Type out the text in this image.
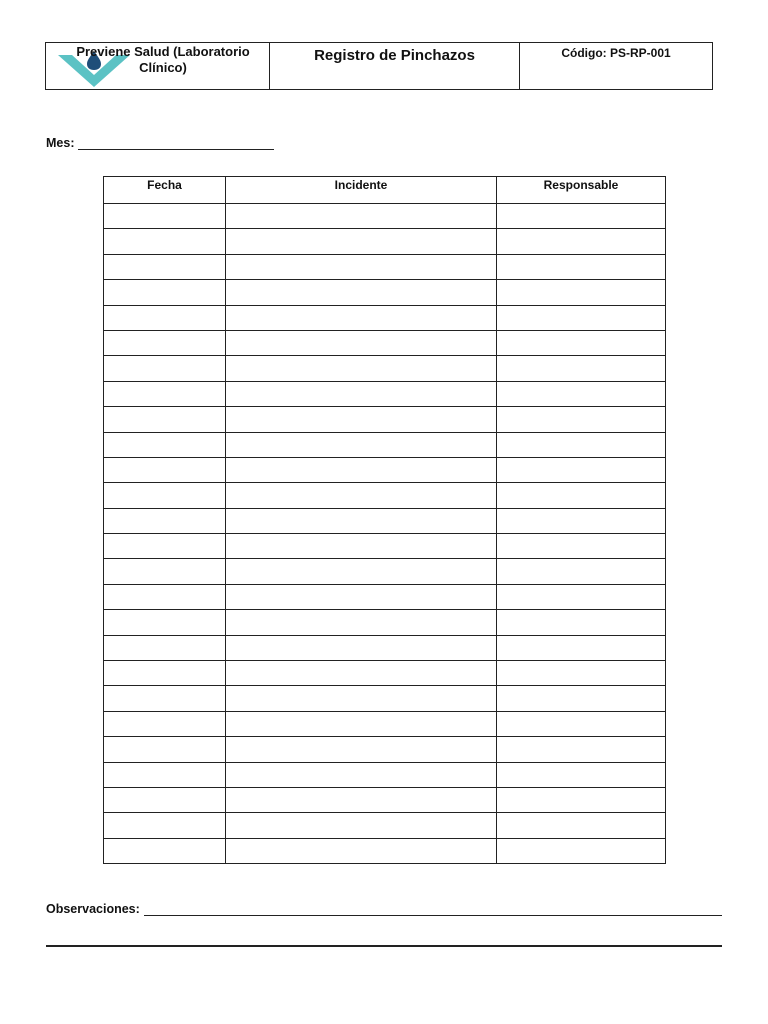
Previene Salud (Laboratorio Clínico)
Registro de Pinchazos	Código: PS-RP-001
Mes:
Fecha	Incidente	Responsable

Observaciones:
